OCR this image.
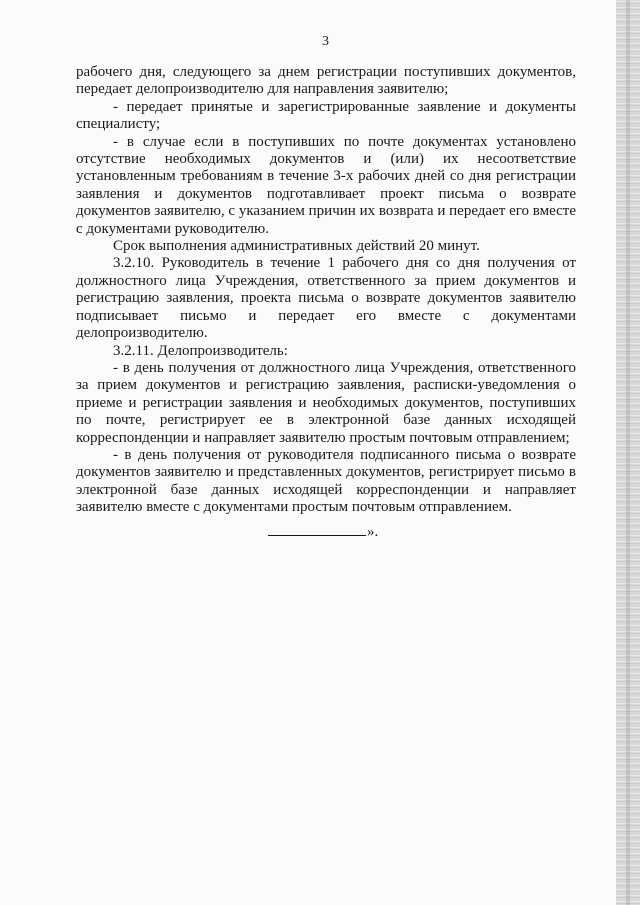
3

рабочего дня, следующего за днем регистрации поступивших документов, передает делопроизводителю для направления заявителю;

- передает принятые и зарегистрированные заявление и документы специалисту;

- в случае если в поступивших по почте документах установлено отсутствие необходимых документов и (или) их несоответствие установленным требованиям в течение 3-х рабочих дней со дня регистрации заявления и документов подготавливает проект письма о возврате документов заявителю, с указанием причин их возврата и передает его вместе с документами руководителю.

Срок выполнения административных действий 20 минут.

3.2.10. Руководитель в течение 1 рабочего дня со дня получения от должностного лица Учреждения, ответственного за прием документов и регистрацию заявления, проекта письма о возврате документов заявителю подписывает письмо и передает его вместе с документами делопроизводителю.

3.2.11. Делопроизводитель:

- в день получения от должностного лица Учреждения, ответственного за прием документов и регистрацию заявления, расписки-уведомления о приеме и регистрации заявления и необходимых документов, поступивших по почте, регистрирует ее в электронной базе данных исходящей корреспонденции и направляет заявителю простым почтовым отправлением;

- в день получения от руководителя подписанного письма о возврате документов заявителю и представленных документов, регистрирует письмо в электронной базе данных исходящей корреспонденции и направляет заявителю вместе с документами простым почтовым отправлением.

».
